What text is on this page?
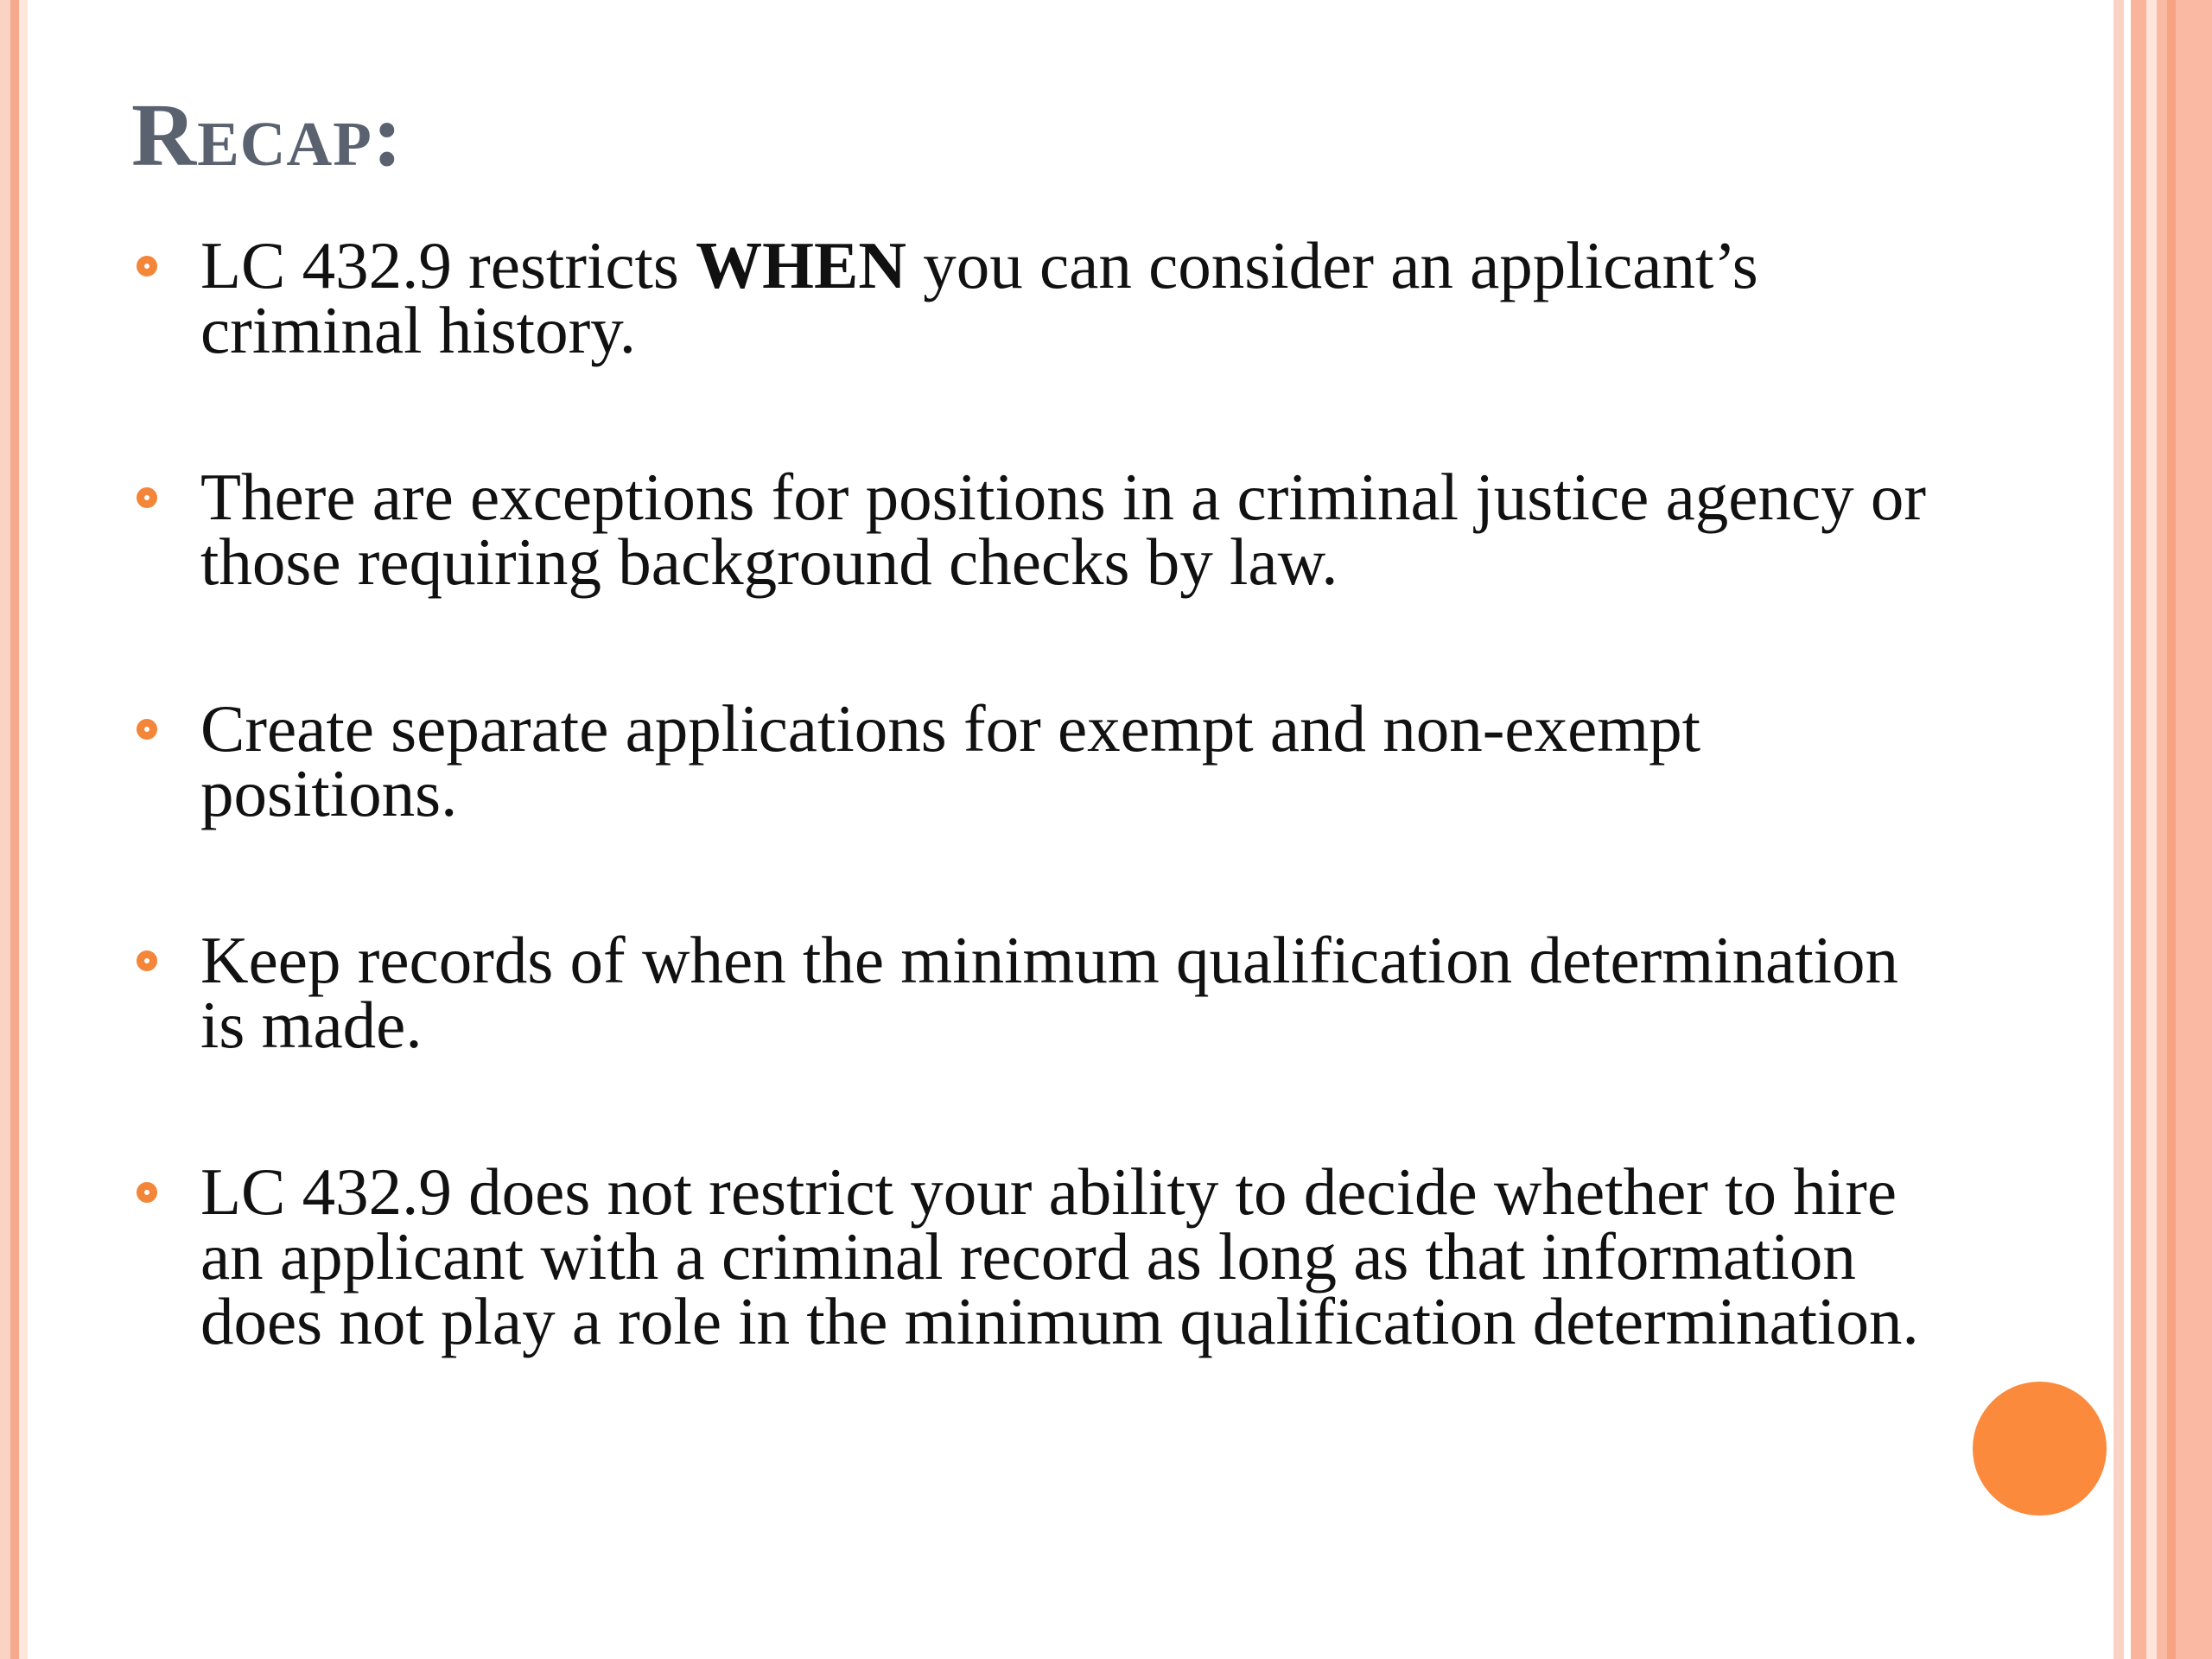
Recap:
LC 432.9 restricts WHEN you can consider an applicant’s criminal history.
There are exceptions for positions in a criminal justice agency or those requiring background checks by law.
Create separate applications for exempt and non-exempt positions.
Keep records of when the minimum qualification determination is made.
LC 432.9 does not restrict your ability to decide whether to hire an applicant with a criminal record as long as that information does not play a role in the minimum qualification determination.
